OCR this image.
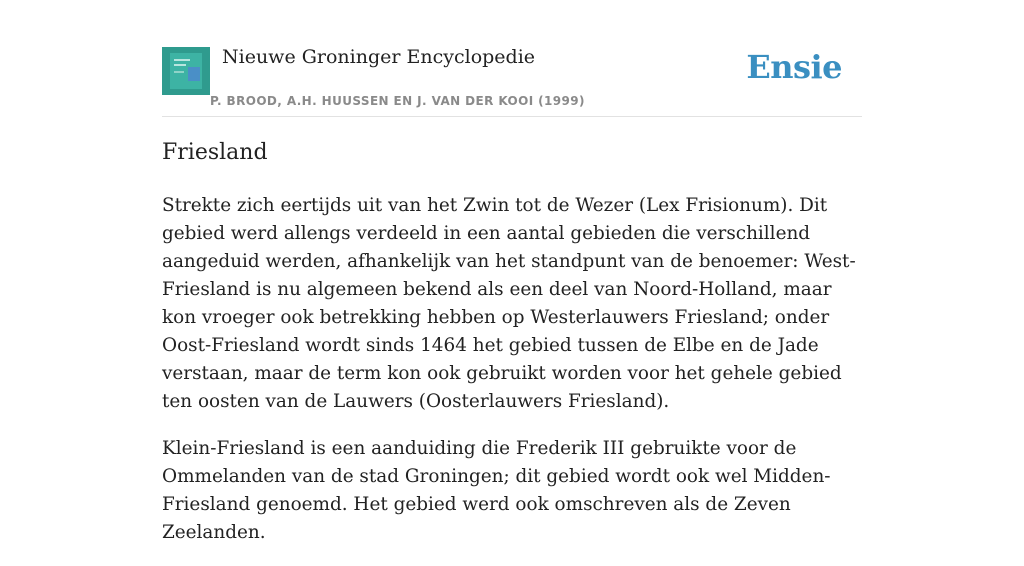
Nieuwe Groninger Encyclopedie
P. BROOD, A.H. HUUSSEN EN J. VAN DER KOOI (1999)
Ensie
Friesland

Strekte zich eertijds uit van het Zwin tot de Wezer (Lex Frisionum). Dit gebied werd allengs verdeeld in een aantal gebieden die verschillend aangeduid werden, afhankelijk van het standpunt van de benoemer: West-Friesland is nu algemeen bekend als een deel van Noord-Holland, maar kon vroeger ook betrekking hebben op Westerlauwers Friesland; onder Oost-Friesland wordt sinds 1464 het gebied tussen de Elbe en de Jade verstaan, maar de term kon ook gebruikt worden voor het gehele gebied ten oosten van de Lauwers (Oosterlauwers Friesland).

Klein-Friesland is een aanduiding die Frederik III gebruikte voor de Ommelanden van de stad Groningen; dit gebied wordt ook wel Midden-Friesland genoemd. Het gebied werd ook omschreven als de Zeven Zeelanden.
